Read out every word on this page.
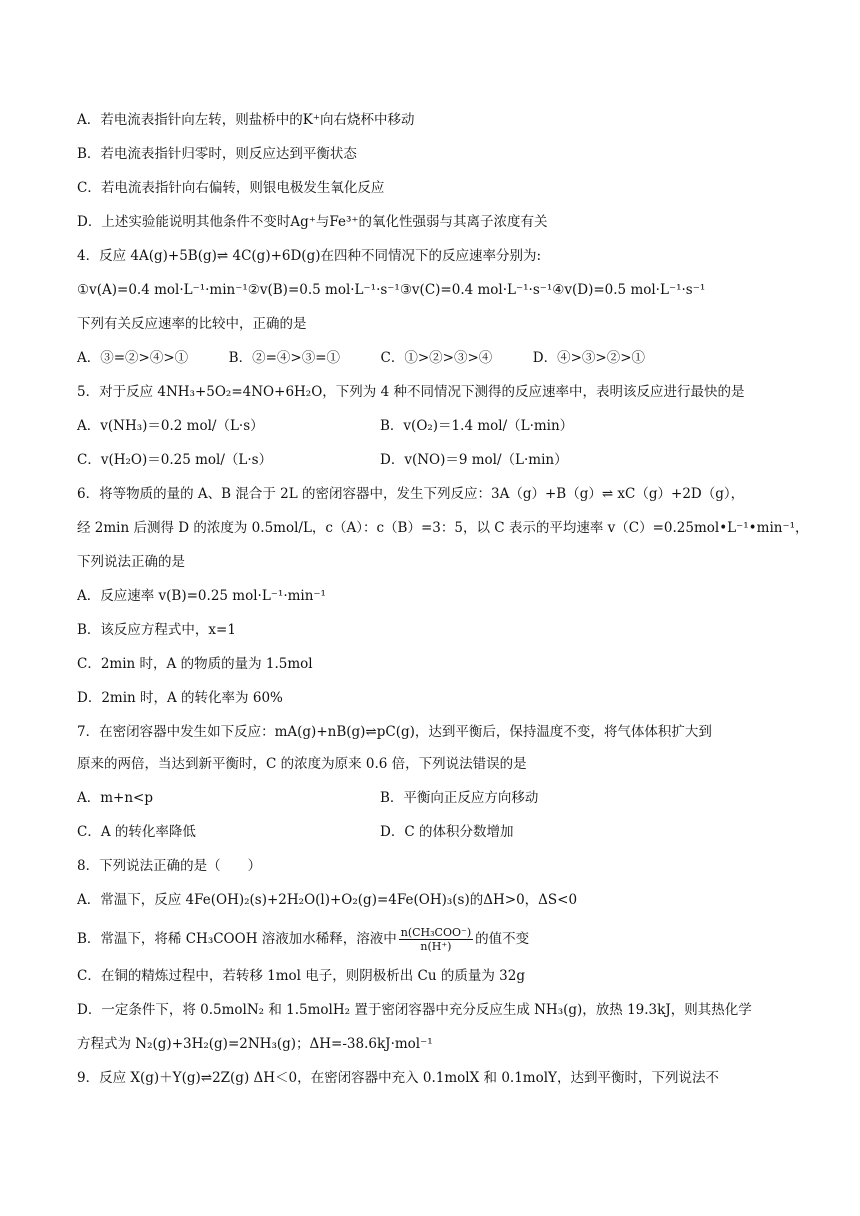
A．若电流表指针向左转，则盐桥中的K⁺向右烧杯中移动
B．若电流表指针归零时，则反应达到平衡状态
C．若电流表指针向右偏转，则银电极发生氧化反应
D．上述实验能说明其他条件不变时Ag⁺与Fe³⁺的氧化性强弱与其离子浓度有关
4．反应 4A(g)+5B(g)⇌ 4C(g)+6D(g)在四种不同情况下的反应速率分别为:
①v(A)=0.4 mol·L⁻¹·min⁻¹②v(B)=0.5 mol·L⁻¹·s⁻¹③v(C)=0.4 mol·L⁻¹·s⁻¹④v(D)=0.5 mol·L⁻¹·s⁻¹
下列有关反应速率的比较中，正确的是
A．③=②>④>①　　　B．②=④>③=①　　　C．①>②>③>④　　　D．④>③>②>①
5．对于反应 4NH₃+5O₂=4NO+6H₂O，下列为 4 种不同情况下测得的反应速率中，表明该反应进行最快的是
A．v(NH₃)＝0.2 mol/（L·s）	B．v(O₂)＝1.4 mol/（L·min）
C．v(H₂O)＝0.25 mol/（L·s）	D．v(NO)＝9 mol/（L·min）
6．将等物质的量的 A、B 混合于 2L 的密闭容器中，发生下列反应：3A（g）+B（g）⇌ xC（g）+2D（g），
经 2min 后测得 D 的浓度为 0.5mol/L，c（A）：c（B）=3：5，以 C 表示的平均速率 v（C）=0.25mol•L⁻¹•min⁻¹，
下列说法正确的是
A．反应速率 v(B)=0.25 mol·L⁻¹·min⁻¹
B．该反应方程式中，x=1
C．2min 时，A 的物质的量为 1.5mol
D．2min 时，A 的转化率为 60%
7．在密闭容器中发生如下反应：mA(g)+nB(g)⇌pC(g)，达到平衡后，保持温度不变，将气体体积扩大到
原来的两倍，当达到新平衡时，C 的浓度为原来 0.6 倍，下列说法错误的是
A．m+n<p	B．平衡向正反应方向移动
C．A 的转化率降低	D．C 的体积分数增加
8．下列说法正确的是（　　）
A．常温下，反应 4Fe(OH)₂(s)+2H₂O(l)+O₂(g)=4Fe(OH)₃(s)的ΔH>0，ΔS<0
B．常温下，将稀 CH₃COOH 溶液加水稀释，溶液中 $\frac{\text{n(CH₃COO⁻)}}{n(H^+)}$ 的值不变
C．在铜的精炼过程中，若转移 1mol 电子，则阴极析出 Cu 的质量为 32g
D．一定条件下，将 0.5molN₂ 和 1.5molH₂ 置于密闭容器中充分反应生成 NH₃(g)，放热 19.3kJ，则其热化学
方程式为 N₂(g)+3H₂(g)=2NH₃(g)；ΔH=-38.6kJ·mol⁻¹
9．反应 X(g)＋Y(g)⇌2Z(g) ΔH＜0，在密闭容器中充入 0.1molX 和 0.1molY，达到平衡时，下列说法不
